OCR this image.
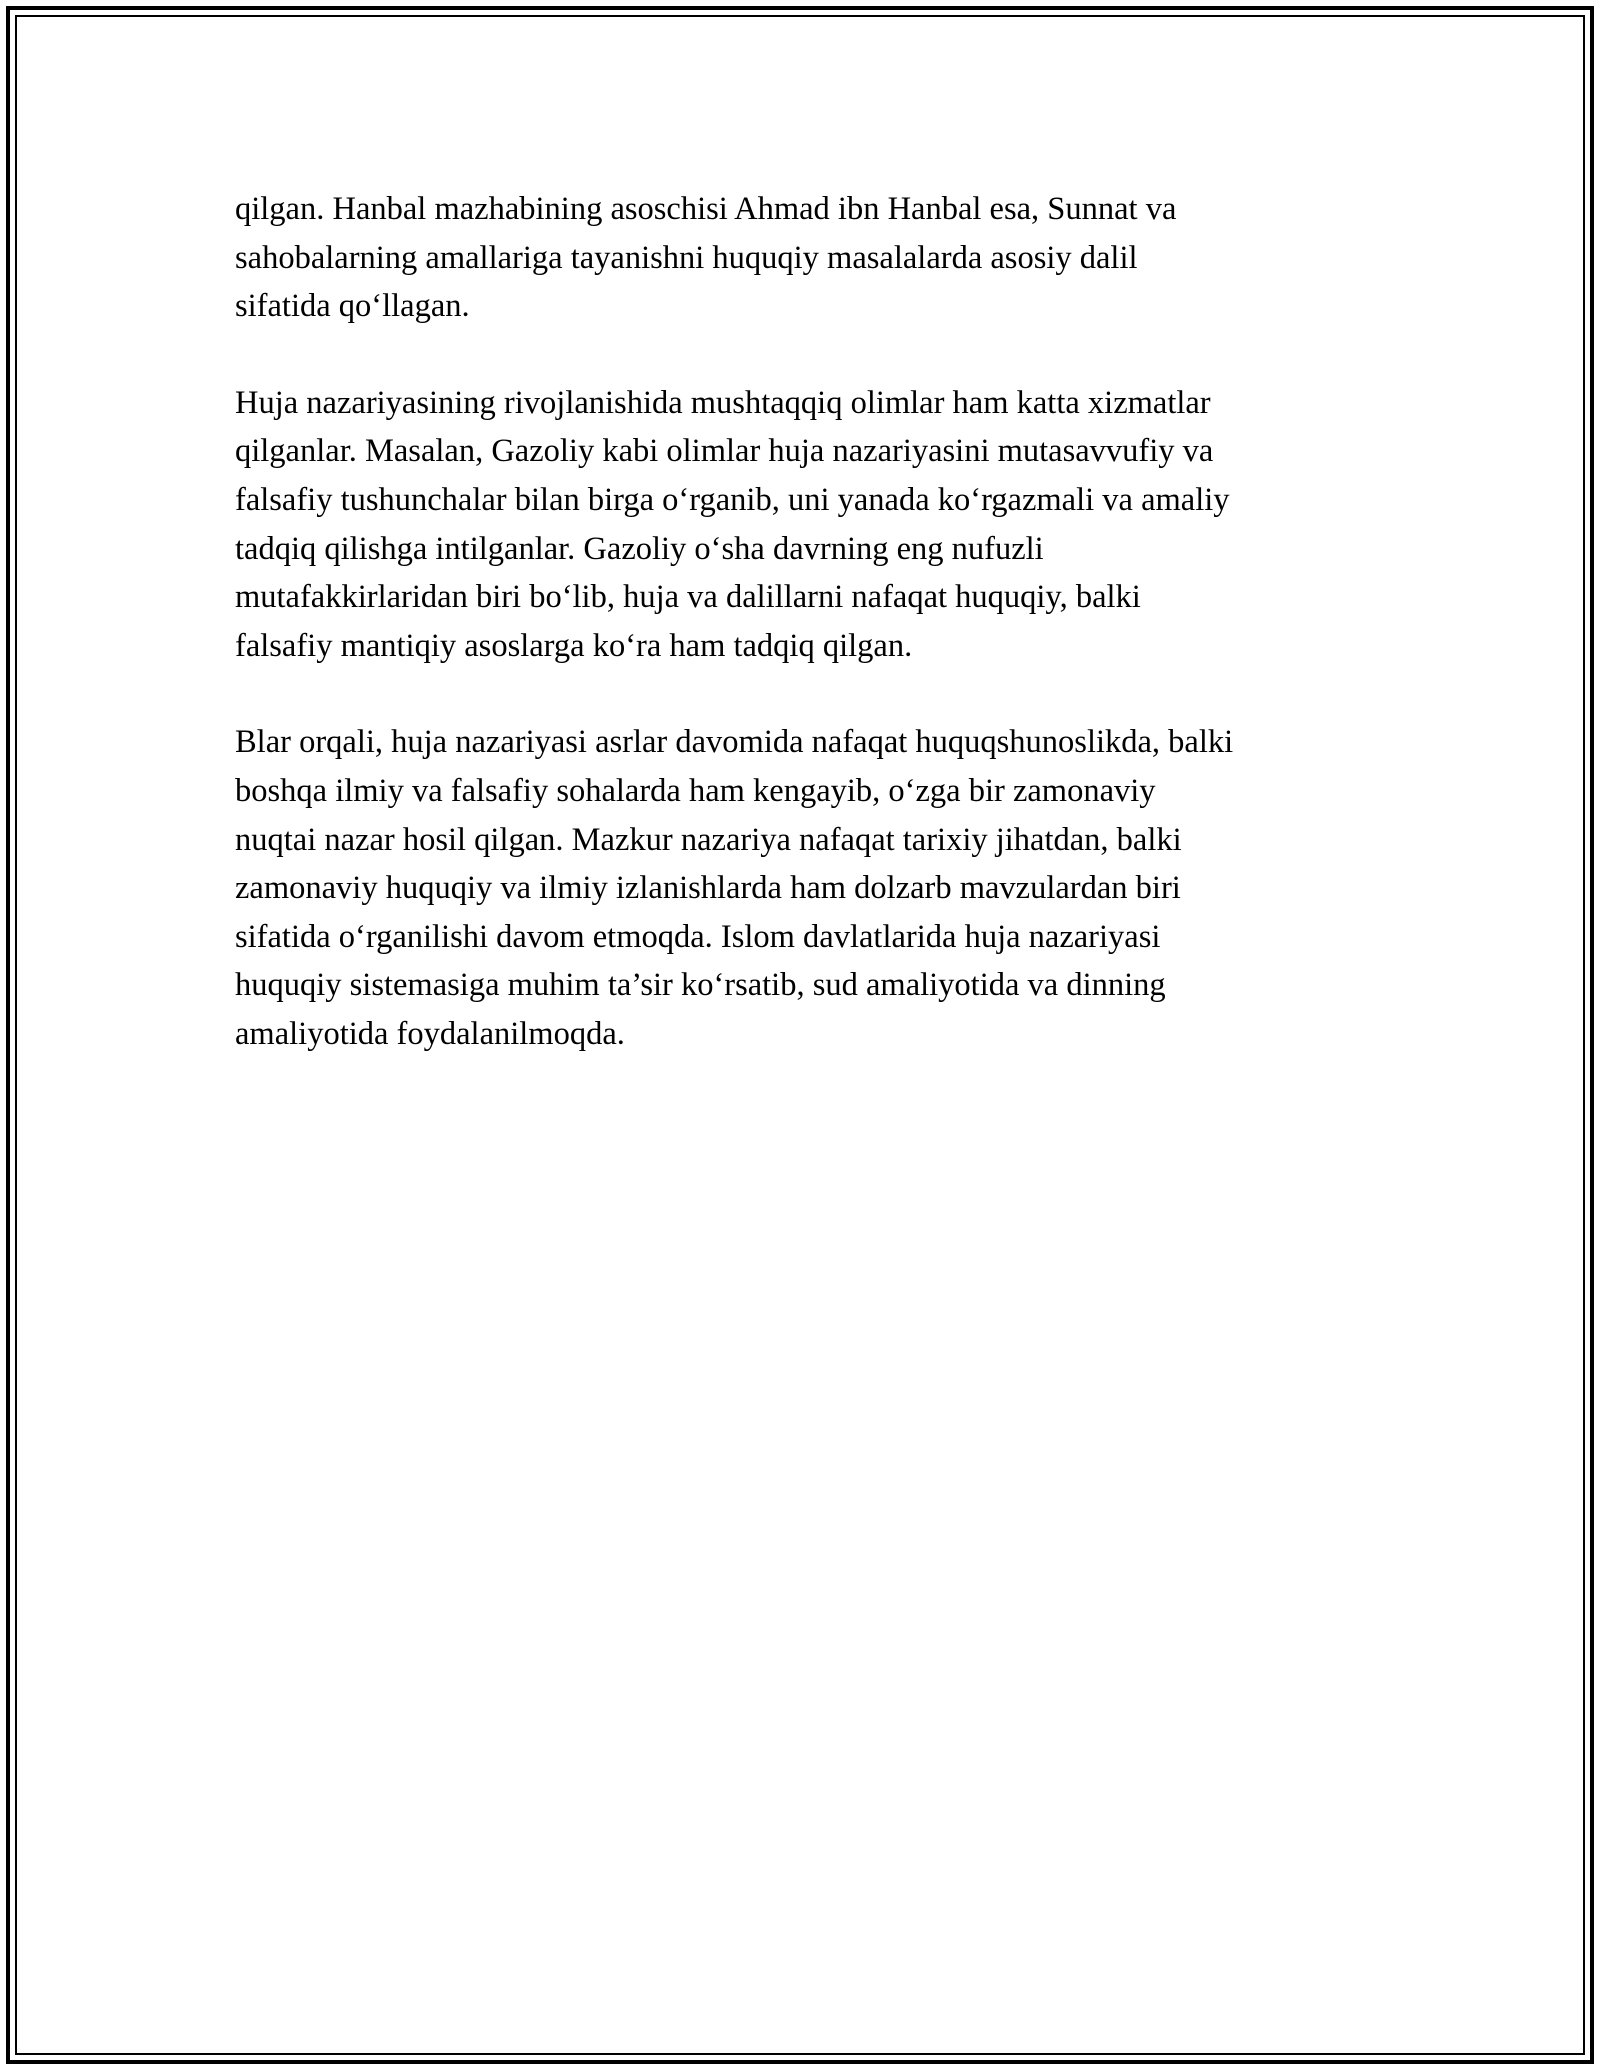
qilgan. Hanbal mazhabining asoschisi Ahmad ibn Hanbal esa, Sunnat va
sahobalarning amallariga tayanishni huquqiy masalalarda asosiy dalil
sifatida qo‘llagan.

Huja nazariyasining rivojlanishida mushtaqqiq olimlar ham katta xizmatlar
qilganlar. Masalan, Gazoliy kabi olimlar huja nazariyasini mutasavvufiy va
falsafiy tushunchalar bilan birga o‘rganib, uni yanada ko‘rgazmali va amaliy
tadqiq qilishga intilganlar. Gazoliy o‘sha davrning eng nufuzli
mutafakkirlaridan biri bo‘lib, huja va dalillarni nafaqat huquqiy, balki
falsafiy mantiqiy asoslarga ko‘ra ham tadqiq qilgan.

Blar orqali, huja nazariyasi asrlar davomida nafaqat huquqshunoslikda, balki
boshqa ilmiy va falsafiy sohalarda ham kengayib, o‘zga bir zamonaviy
nuqtai nazar hosil qilgan. Mazkur nazariya nafaqat tarixiy jihatdan, balki
zamonaviy huquqiy va ilmiy izlanishlarda ham dolzarb mavzulardan biri
sifatida o‘rganilishi davom etmoqda. Islom davlatlarida huja nazariyasi
huquqiy sistemasiga muhim ta’sir ko‘rsatib, sud amaliyotida va dinning
amaliyotida foydalanilmoqda.
